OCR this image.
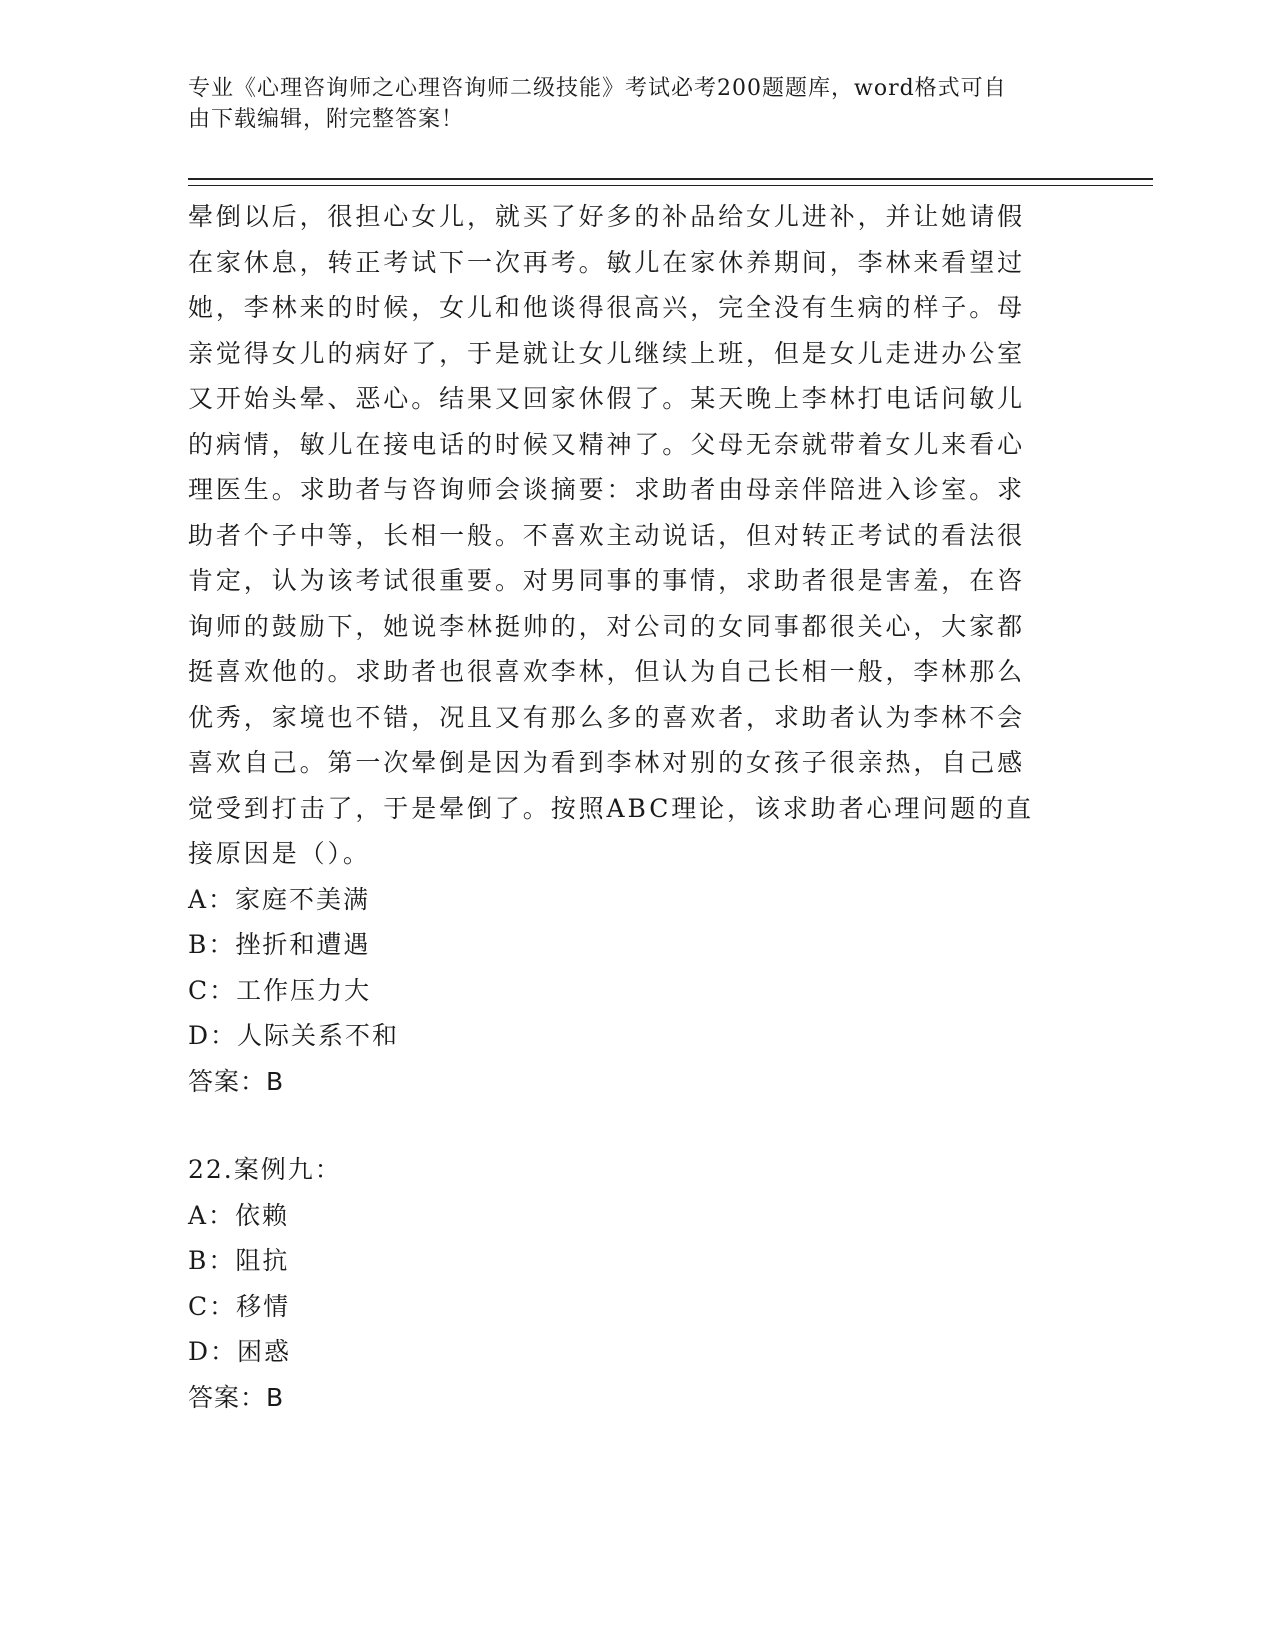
专业《心理咨询师之心理咨询师二级技能》考试必考200题题库，word格式可自
由下载编辑，附完整答案！
晕倒以后，很担心女儿，就买了好多的补品给女儿进补，并让她请假
在家休息，转正考试下一次再考。敏儿在家休养期间，李林来看望过
她，李林来的时候，女儿和他谈得很高兴，完全没有生病的样子。母
亲觉得女儿的病好了，于是就让女儿继续上班，但是女儿走进办公室
又开始头晕、恶心。结果又回家休假了。某天晚上李林打电话问敏儿
的病情，敏儿在接电话的时候又精神了。父母无奈就带着女儿来看心
理医生。求助者与咨询师会谈摘要：求助者由母亲伴陪进入诊室。求
助者个子中等，长相一般。不喜欢主动说话，但对转正考试的看法很
肯定，认为该考试很重要。对男同事的事情，求助者很是害羞，在咨
询师的鼓励下，她说李林挺帅的，对公司的女同事都很关心，大家都
挺喜欢他的。求助者也很喜欢李林，但认为自己长相一般，李林那么
优秀，家境也不错，况且又有那么多的喜欢者，求助者认为李林不会
喜欢自己。第一次晕倒是因为看到李林对别的女孩子很亲热，自己感
觉受到打击了，于是晕倒了。按照ABC理论，该求助者心理问题的直
接原因是（）。
A：家庭不美满
B：挫折和遭遇
C：工作压力大
D：人际关系不和
答案：B
22.案例九：
A：依赖
B：阻抗
C：移情
D：困惑
答案：B
